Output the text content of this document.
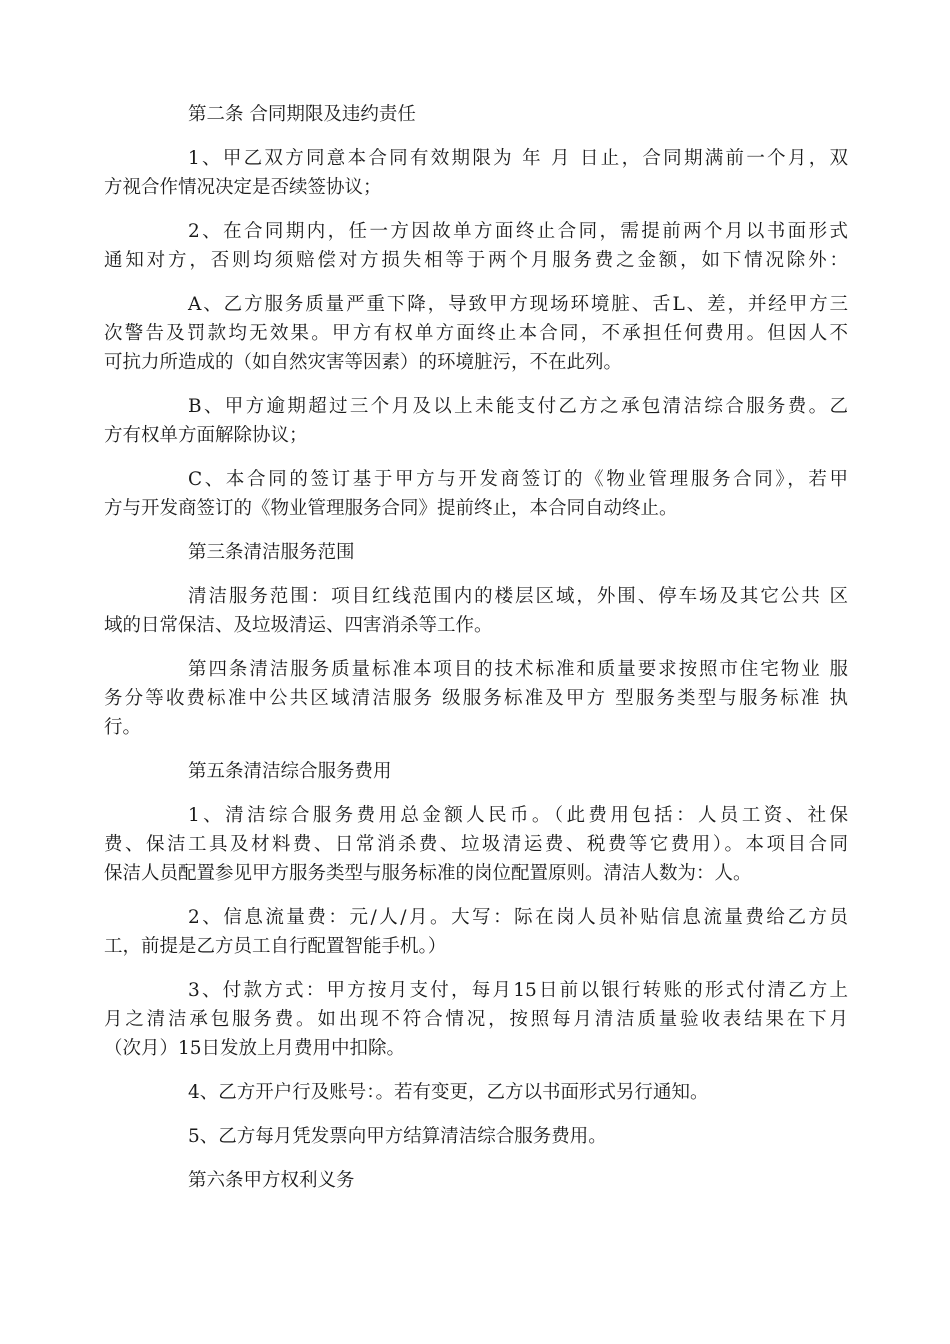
第二条 合同期限及违约责任

1、甲乙双方同意本合同有效期限为 年 月 日止，合同期满前一个月，双

方视合作情况决定是否续签协议；

2、在合同期内，任一方因故单方面终止合同，需提前两个月以书面形式

通知对方，否则均须赔偿对方损失相等于两个月服务费之金额，如下情况除外：

A、乙方服务质量严重下降，导致甲方现场环境脏、舌L、差，并经甲方三

次警告及罚款均无效果。甲方有权单方面终止本合同，不承担任何费用。但因人不

可抗力所造成的（如自然灾害等因素）的环境脏污，不在此列。

B、甲方逾期超过三个月及以上未能支付乙方之承包清洁综合服务费。乙

方有权单方面解除协议；

C、本合同的签订基于甲方与开发商签订的《物业管理服务合同》，若甲

方与开发商签订的《物业管理服务合同》提前终止，本合同自动终止。

第三条清洁服务范围

清洁服务范围：项目红线范围内的楼层区域，外围、停车场及其它公共 区

域的日常保洁、及垃圾清运、四害消杀等工作。

第四条清洁服务质量标准本项目的技术标准和质量要求按照市住宅物业 服

务分等收费标准中公共区域清洁服务 级服务标准及甲方 型服务类型与服务标准 执

行。

第五条清洁综合服务费用

1、清洁综合服务费用总金额人民币。（此费用包括：人员工资、社保

费、保洁工具及材料费、日常消杀费、垃圾清运费、税费等它费用）。本项目合同

保洁人员配置参见甲方服务类型与服务标准的岗位配置原则。清洁人数为：人。

2、信息流量费：元/人/月。大写：际在岗人员补贴信息流量费给乙方员

工，前提是乙方员工自行配置智能手机。）

3、付款方式：甲方按月支付，每月15日前以银行转账的形式付清乙方上

月之清洁承包服务费。如出现不符合情况，按照每月清洁质量验收表结果在下月

（次月）15日发放上月费用中扣除。

4、乙方开户行及账号：。若有变更，乙方以书面形式另行通知。

5、乙方每月凭发票向甲方结算清洁综合服务费用。

第六条甲方权利义务
